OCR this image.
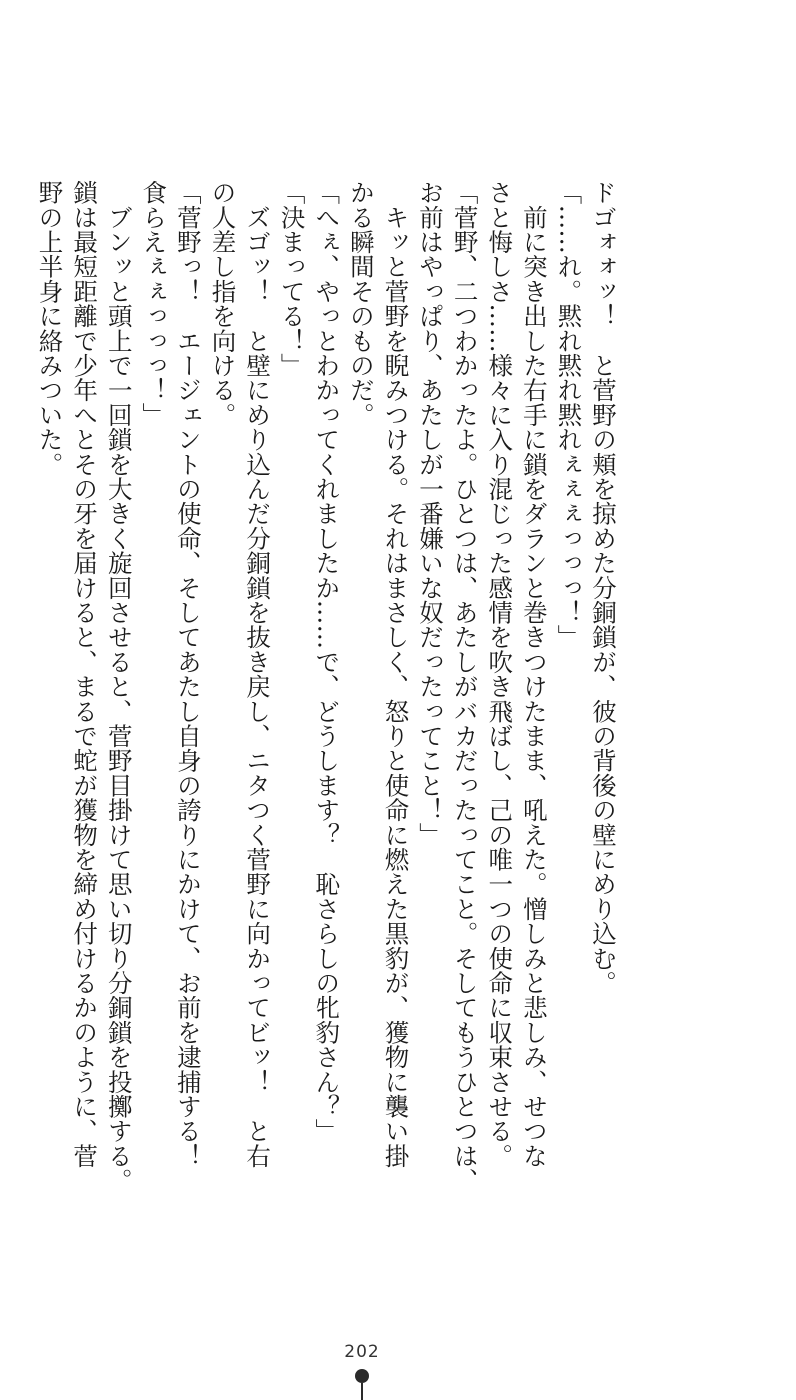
ドゴォォッ！　と菅野の頬を掠めた分銅鎖が、彼の背後の壁にめり込む。

「……れ。黙れ黙れ黙れぇぇぇっっっ！」

　前に突き出した右手に鎖をダランと巻きつけたまま、吼えた。憎しみと悲しみ、せつな

さと悔しさ……様々に入り混じった感情を吹き飛ばし、己の唯一つの使命に収束させる。

「菅野、二つわかったよ。ひとつは、あたしがバカだったってこと。そしてもうひとつは、

お前はやっぱり、あたしが一番嫌いな奴だったってこと！」

　キッと菅野を睨みつける。それはまさしく、怒りと使命に燃えた黒豹が、獲物に襲い掛

かる瞬間そのものだ。

「へぇ、やっとわかってくれましたか……で、どうします？　恥さらしの牝豹さん？」

「決まってる！」

　ズゴッ！　と壁にめり込んだ分銅鎖を抜き戻し、ニタつく菅野に向かってビッ！　と右

の人差し指を向ける。

「菅野っ！　エージェントの使命、そしてあたし自身の誇りにかけて、お前を逮捕する！

食らえぇぇっっっ！」

　ブンッと頭上で一回鎖を大きく旋回させると、菅野目掛けて思い切り分銅鎖を投擲する。

鎖は最短距離で少年へとその牙を届けると、まるで蛇が獲物を締め付けるかのように、菅

野の上半身に絡みついた。

202
